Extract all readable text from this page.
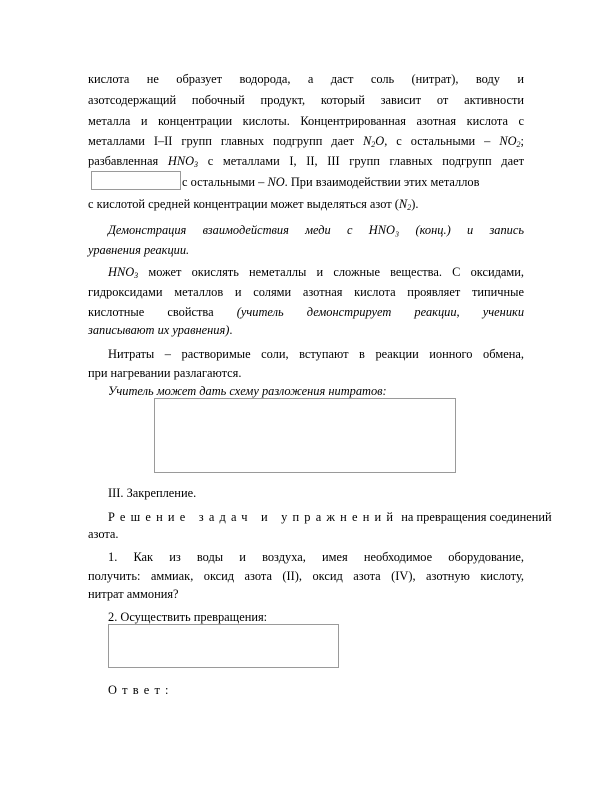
кислота не образует водорода, а даст соль (нитрат), воду и
азотсодержащий побочный продукт, который зависит от активности
металла и концентрации кислоты. Концентрированная азотная кислота с
металлами I–II групп главных подгрупп дает $N_2O$, с остальными – $NO_2$;
разбавленная $HNO_3$ с металлами I, II, III групп главных подгрупп дает
с остальными – NO. При взаимодействии этих металлов
с кислотой средней концентрации может выделяться азот $(N_2)$.
Демонстрация взаимодействия меди с HNO₃ (конц.) и запись
уравнения реакции.
$HNO_3$ может окислять неметаллы и сложные вещества. С оксидами,
гидроксидами металлов и солями азотная кислота проявляет типичные
кислотные свойства (учитель демонстрирует реакции, ученики
записывают их уравнения).
Нитраты – растворимые соли, вступают в реакции ионного обмена,
при нагревании разлагаются.
Учитель может дать схему разложения нитратов:
III. Закрепление.
Решение задач и упражнений на превращения соединений
азота.
1. Как из воды и воздуха, имея необходимое оборудование,
получить: аммиак, оксид азота (II), оксид азота (IV), азотную кислоту,
нитрат аммония?
2. Осуществить превращения:
Ответ:
